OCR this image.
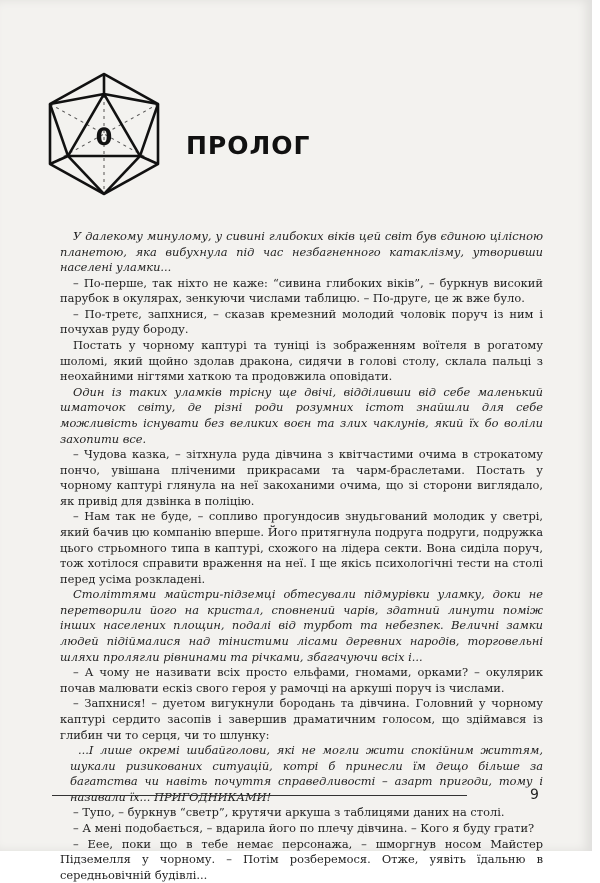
0	ПРОЛОГ

У далекому минулому, у сивині глибоких віків цей світ був єдиною цілісною планетою, яка вибухнула під час незбагненного катаклізму, утворивши населені уламки...

– По-перше, так ніхто не каже: “сивина глибоких віків”, – буркнув високий парубок в окулярах, зенкуючи числами таблицю. – По-друге, це ж вже було.

– По-третє, запхнися, – сказав кремезний молодий чоловік поруч із ним і почухав руду бороду.

Постать у чорному каптурі та туніці із зображенням воїтеля в рогатому шоломі, який щойно здолав дракона, сидячи в голові столу, склала пальці з неохайними нігтями хаткою та продовжила оповідати.

Один із таких уламків трісну ще двічі, відділивши від себе маленький шматочок світу, де різні роди розумних істот знайшли для себе можливість існувати без великих воєн та злих чаклунів, який їх бо воліли захопити все.

– Чудова казка, – зітхнула руда дівчина з квітчастими очима в строкатому пончо, увішана пліченими прикрасами та чарм-браслетами. Постать у чорному каптурі глянула на неї закоханими очима, що зі сторони виглядало, як привід для дзвінка в поліцію.

– Нам так не буде, – сопливо прогундосив знудьгований молодик у светрі, який бачив цю компанію вперше. Його притягнула подруга подруги, подружка цього стрьомного типа в каптурі, схожого на лідера секти. Вона сиділа поруч, тож хотілося справити враження на неї. І ще якісь психологічні тести на столі перед усіма розкладені.

Століттями майстри-підземці обтесували підмурівки уламку, доки не перетворили його на кристал, сповнений чарів, здатний линути поміж інших населених площин, подалі від турбот та небезпек. Величні замки людей підіймалися над тінистими лісами деревних народів, торговельні шляхи пролягли рівнинами та річками, збагачуючи всіх і...

– А чому не називати всіх просто ельфами, гномами, орками? – окулярик почав малювати ескіз свого героя у рамочці на аркуші поруч із числами.

– Запхнися! – дуетом вигукнули бородань та дівчина. Головний у чорному каптурі сердито засопів і завершив драматичним голосом, що здіймався із глибин чи то серця, чи то шлунку:

...І лише окремі шибайголови, які не могли жити спокійним життям, шукали ризикованих ситуацій, котрі б принесли їм дещо більше за багатства чи навіть почуття справедливості – азарт пригоди, тому і називали їх... ПРИГОДНИКАМИ!

– Тупо, – буркнув “светр”, крутячи аркуша з таблицями даних на столі.

– А мені подобається, – вдарила його по плечу дівчина. – Кого я буду грати?

– Еее, поки що в тебе немає персонажа, – шморгнув носом Майстер Підземелля у чорному. – Потім розберемося. Отже, уявіть їдальню в середньовічній будівлі...

9
